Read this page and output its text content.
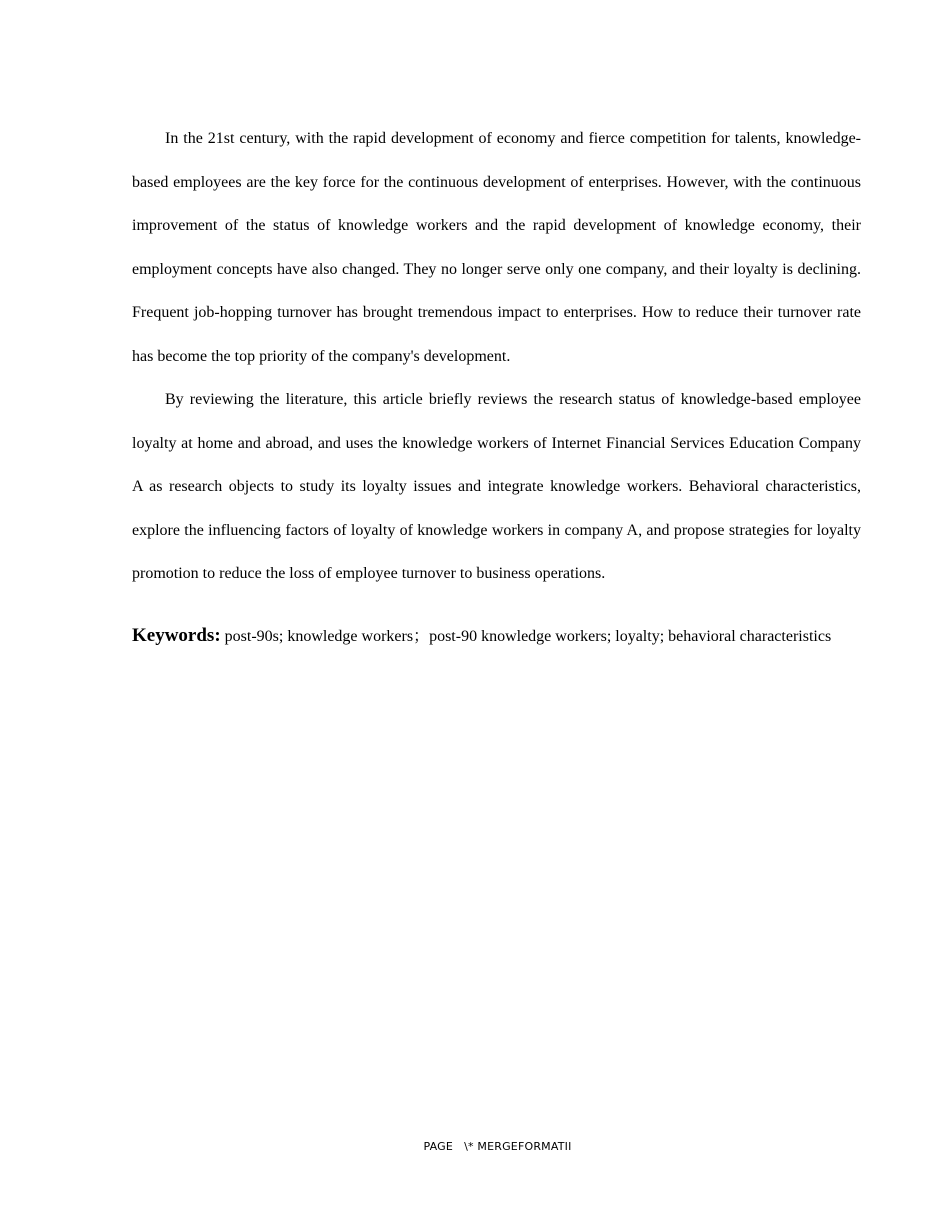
In the 21st century, with the rapid development of economy and fierce competition for talents, knowledge-based employees are the key force for the continuous development of enterprises. However, with the continuous improvement of the status of knowledge workers and the rapid development of knowledge economy, their employment concepts have also changed. They no longer serve only one company, and their loyalty is declining. Frequent job-hopping turnover has brought tremendous impact to enterprises. How to reduce their turnover rate has become the top priority of the company's development.

By reviewing the literature, this article briefly reviews the research status of knowledge-based employee loyalty at home and abroad, and uses the knowledge workers of Internet Financial Services Education Company A as research objects to study its loyalty issues and integrate knowledge workers. Behavioral characteristics, explore the influencing factors of loyalty of knowledge workers in company A, and propose strategies for loyalty promotion to reduce the loss of employee turnover to business operations.

Keywords: post-90s; knowledge workers；post-90 knowledge workers; loyalty; behavioral characteristics

PAGE   \* MERGEFORMATII
